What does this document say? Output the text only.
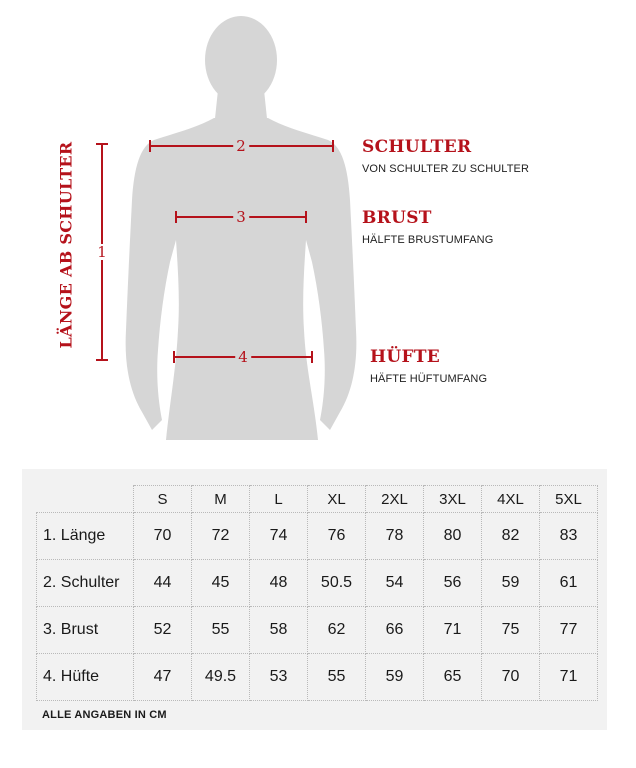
2
3
4
1
LÄNGE AB SCHULTER	SCHULTER
VON SCHULTER ZU SCHULTER
BRUST
HÄLFTE BRUSTUMFANG
HÜFTE
HÄFTE HÜFTUMFANG
	S	M	L	XL	2XL	3XL	4XL	5XL
1. Länge	70	72	74	76	78	80	82	83
2. Schulter	44	45	48	50.5	54	56	59	61
3. Brust	52	55	58	62	66	71	75	77
4. Hüfte	47	49.5	53	55	59	65	70	71
ALLE ANGABEN IN CM
